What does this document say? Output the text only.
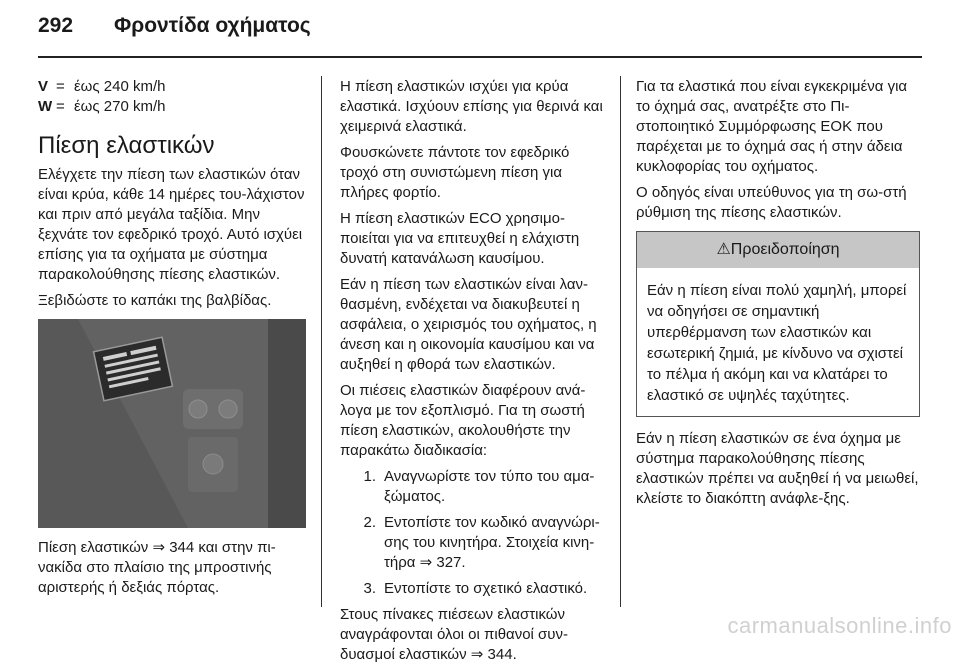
292 Φροντίδα οχήματος
V = έως 240 km/h
W = έως 270 km/h
Πίεση ελαστικών

Ελέγχετε την πίεση των ελαστικών όταν είναι κρύα, κάθε 14 ημέρες του-λάχιστον και πριν από μεγάλα ταξίδια. Μην ξεχνάτε τον εφεδρικό τροχό. Αυτό ισχύει επίσης για τα οχήματα με σύστημα παρακολούθησης πίεσης ελαστικών.

Ξεβιδώστε το καπάκι της βαλβίδας.

Πίεση ελαστικών ⇒ 344 και στην πι-νακίδα στο πλαίσιο της μπροστινής αριστερής ή δεξιάς πόρτας.

Η πίεση ελαστικών ισχύει για κρύα ελαστικά. Ισχύουν επίσης για θερινά και χειμερινά ελαστικά.

Φουσκώνετε πάντοτε τον εφεδρικό τροχό στη συνιστώμενη πίεση για πλήρες φορτίο.

Η πίεση ελαστικών ECO χρησιμο-ποιείται για να επιτευχθεί η ελάχιστη δυνατή κατανάλωση καυσίμου.

Εάν η πίεση των ελαστικών είναι λαν-θασμένη, ενδέχεται να διακυβευτεί η ασφάλεια, ο χειρισμός του οχήματος, η άνεση και η οικονομία καυσίμου και να αυξηθεί η φθορά των ελαστικών.

Οι πιέσεις ελαστικών διαφέρουν ανά-λογα με τον εξοπλισμό. Για τη σωστή πίεση ελαστικών, ακολουθήστε την παρακάτω διαδικασία:

1. Αναγνωρίστε τον τύπο του αμα-ξώματος.
2. Εντοπίστε τον κωδικό αναγνώρι-σης του κινητήρα. Στοιχεία κινη-τήρα ⇒ 327.
3. Εντοπίστε το σχετικό ελαστικό.

Στους πίνακες πιέσεων ελαστικών αναγράφονται όλοι οι πιθανοί συν-δυασμοί ελαστικών ⇒ 344.

Για τα ελαστικά που είναι εγκεκριμένα για το όχημά σας, ανατρέξτε στο Πι-στοποιητικό Συμμόρφωσης ΕΟΚ που παρέχεται με το όχημά σας ή στην άδεια κυκλοφορίας του οχήματος.

Ο οδηγός είναι υπεύθυνος για τη σω-στή ρύθμιση της πίεσης ελαστικών.

⚠Προειδοποίηση
Εάν η πίεση είναι πολύ χαμηλή, μπορεί να οδηγήσει σε σημαντική υπερθέρμανση των ελαστικών και εσωτερική ζημιά, με κίνδυνο να σχιστεί το πέλμα ή ακόμη και να κλατάρει το ελαστικό σε υψηλές ταχύτητες.

Εάν η πίεση ελαστικών σε ένα όχημα με σύστημα παρακολούθησης πίεσης ελαστικών πρέπει να αυξηθεί ή να μειωθεί, κλείστε το διακόπτη ανάφλε-ξης.

carmanualsonline.info
